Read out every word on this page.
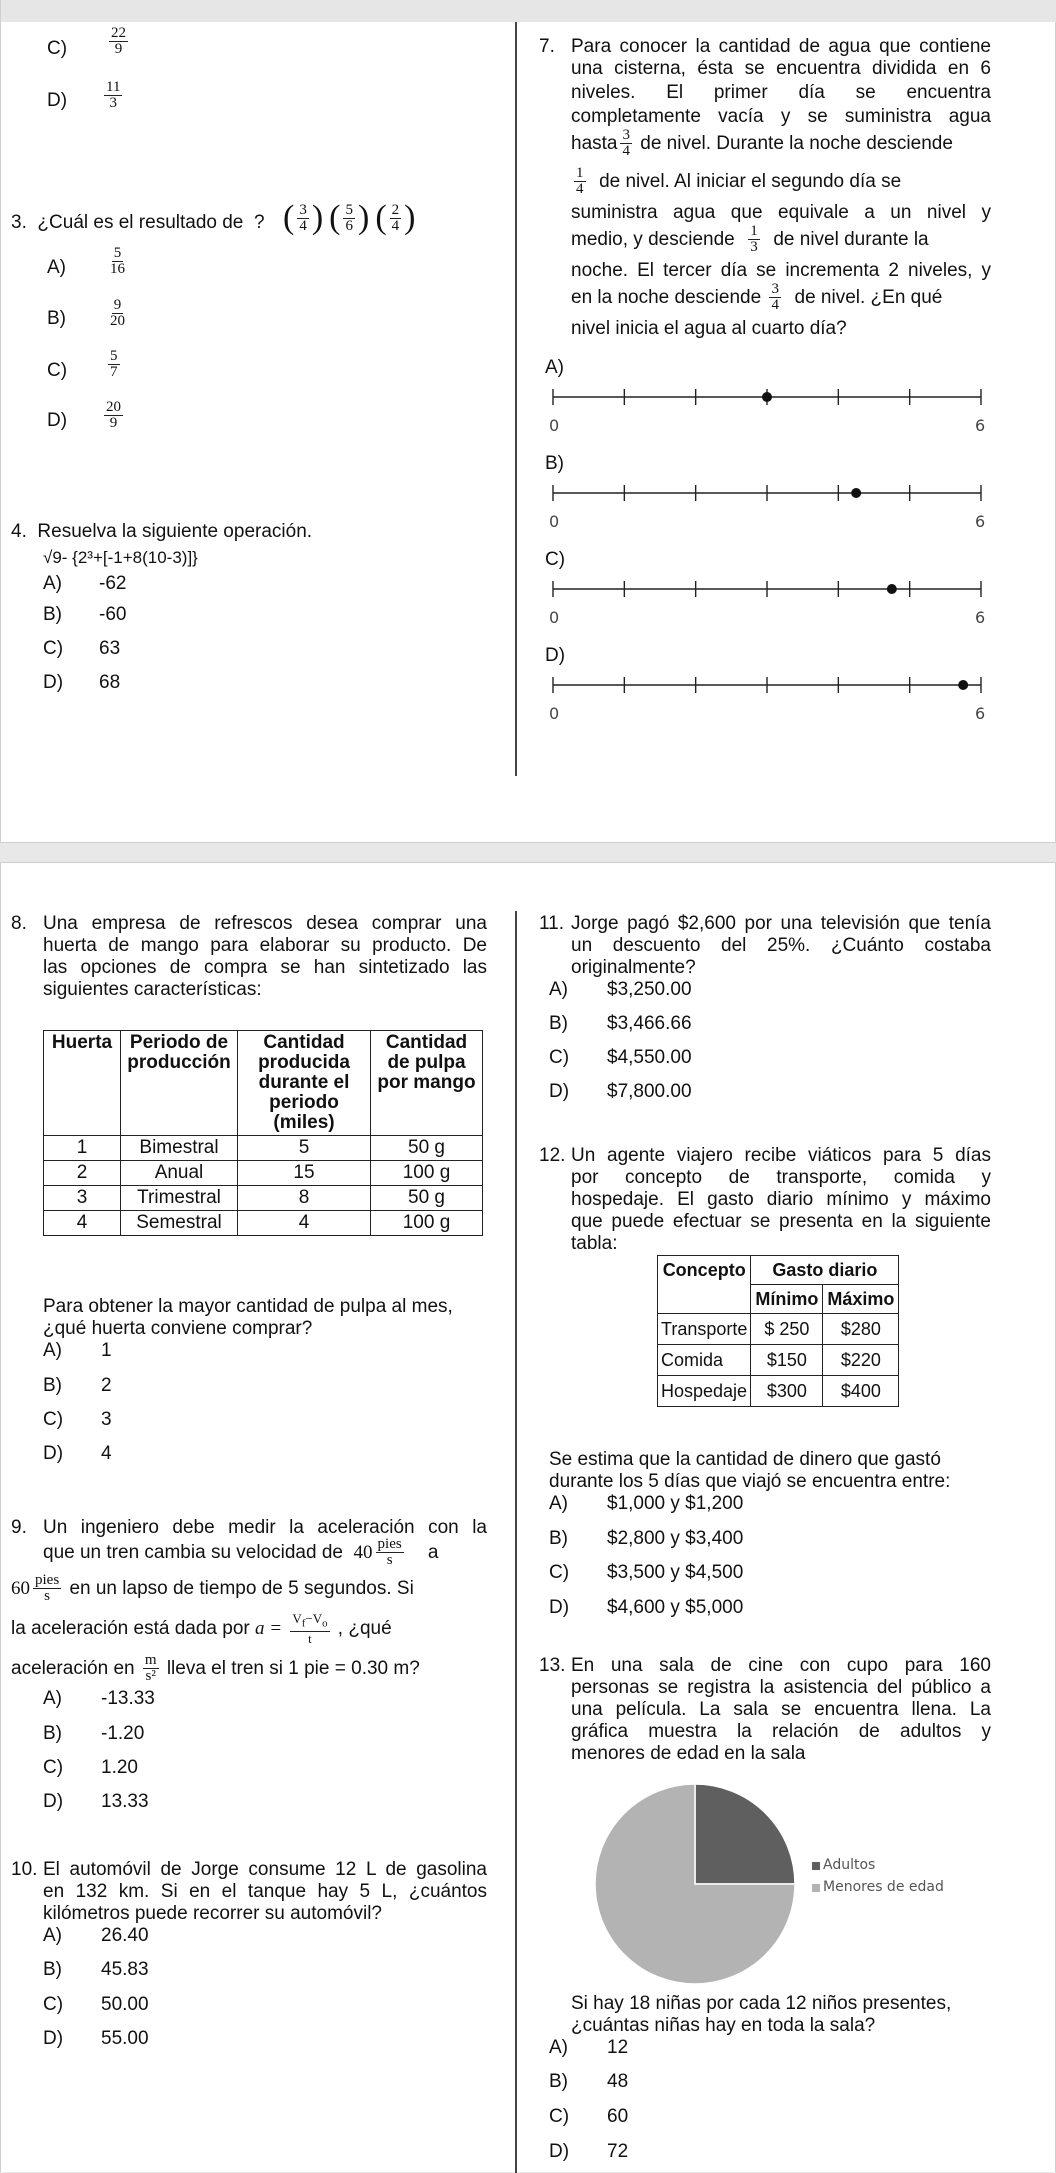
C)	$\frac{22}{9}$
$D) \frac{11}{3}$
3. ¿Cuál es el resultado de ? ( $\frac{3}{4}$ ) ( $\frac{5}{6}$ ) ( $\frac{2}{4}$ )
A)	$\frac{5}{16}$
B)	$\frac{9}{20}$
C)	$\frac{5}{7}$
$D) \frac{20}{9}$
4. Resuelva la siguiente operación.
√9- {2³+[-1+8(10-3)]}
A) -62
B) -60
C) 63
D) 68
7. Para conocer la cantidad de agua que contiene
una cisterna, ésta se encuentra dividida en 6
niveles. El primer día se encuentra
completamente vacía y se suministra agua
hasta $\frac{3}{4}$ de nivel. Durante la noche desciende
$\frac{1}{4}$ de nivel. Al iniciar el segundo día se
suministra agua que equivale a un nivel y
medio, y desciende $\frac{1}{3}$ de nivel durante la
noche. El tercer día se incrementa 2 niveles, y
en la noche desciende $\frac{3}{4}$ de nivel. ¿En qué
nivel inicia el agua al cuarto día?
A)
0	6
B)
0	6
C)
0	6
D)
0	6
8. Una empresa de refrescos desea comprar una
huerta de mango para elaborar su producto. De
las opciones de compra se han sintetizado las
siguientes características:
Huerta	Periodo de producción	Cantidad producida durante el periodo (miles)	Cantidad de pulpa por mango
1	Bimestral	5	50 g
2	Anual	15	100 g
3	Trimestral	8	50 g
4	Semestral	4	100 g
Para obtener la mayor cantidad de pulpa al mes,
¿qué huerta conviene comprar?
A) 1
B) 2
C) 3
D) 4
9. Un ingeniero debe medir la aceleración con la
que un tren cambia su velocidad de $40 \frac{\text{pies}}{s}$ a
$60 \frac{\text{pies}}{s}$ en un lapso de tiempo de 5 segundos. Si
la aceleración está dada por $a = \frac{V_f-V_o}{t}$ , ¿qué
aceleración en $\frac{m}{\text{s²}}$ lleva el tren si 1 pie = 0.30 m?
A) -13.33
B) -1.20
C) 1.20
D) 13.33
10. El automóvil de Jorge consume 12 L de gasolina
en 132 km. Si en el tanque hay 5 L, ¿cuántos
kilómetros puede recorrer su automóvil?
A) 26.40
B) 45.83
C) 50.00
D) 55.00
11. Jorge pagó $2,600 por una televisión que tenía
un descuento del 25%. ¿Cuánto costaba
originalmente?
A) $3,250.00
B) $3,466.66
C) $4,550.00
D) $7,800.00
12. Un agente viajero recibe viáticos para 5 días
por concepto de transporte, comida y
hospedaje. El gasto diario mínimo y máximo
que puede efectuar se presenta en la siguiente
tabla:
Concepto	Gasto diario	
	Mínimo	Máximo
Transporte	$ 250	$280
Comida	$150	$220
Hospedaje	$300	$400
Se estima que la cantidad de dinero que gastó
durante los 5 días que viajó se encuentra entre:
A) $1,000 y $1,200
B) $2,800 y $3,400
C) $3,500 y $4,500
D) $4,600 y $5,000
13. En una sala de cine con cupo para 160
personas se registra la asistencia del público a
una película. La sala se encuentra llena. La
gráfica muestra la relación de adultos y
menores de edad en la sala
Adultos
Menores de edad
Si hay 18 niñas por cada 12 niños presentes,
¿cuántas niñas hay en toda la sala?
A) 12
B) 48
C) 60
D) 72
